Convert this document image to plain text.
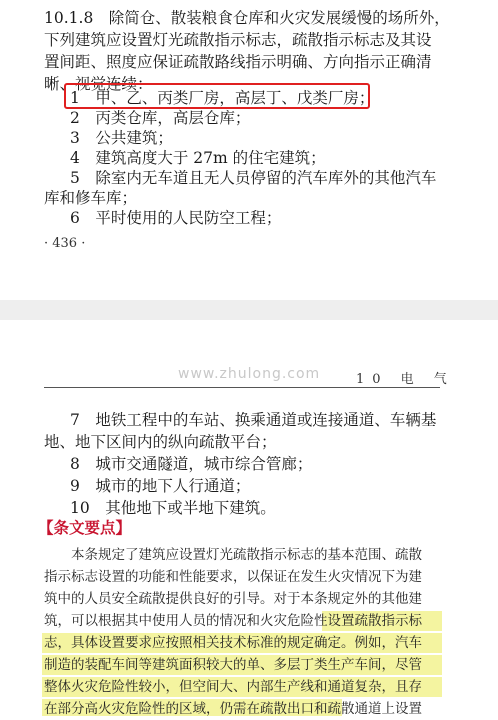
10.1.8　除简仓、散装粮食仓库和火灾发展缓慢的场所外，
下列建筑应设置灯光疏散指示标志，疏散指示标志及其设
置间距、照度应保证疏散路线指示明确、方向指示正确清
晰、视觉连续：
1　甲、乙、丙类厂房，高层丁、戊类厂房；
2　丙类仓库，高层仓库；
3　公共建筑；
4　建筑高度大于 27m 的住宅建筑；
5　除室内无车道且无人员停留的汽车库外的其他汽车
库和修车库；
6　平时使用的人民防空工程；
· 436 ·
www.zhulong.com	10 电 气
7　地铁工程中的车站、换乘通道或连接通道、车辆基
地、地下区间内的纵向疏散平台；
8　城市交通隧道，城市综合管廊；
9　城市的地下人行通道；
10　其他地下或半地下建筑。
【条文要点】
　　本条规定了建筑应设置灯光疏散指示标志的基本范围、疏散
指示标志设置的功能和性能要求，以保证在发生火灾情况下为建
筑中的人员安全疏散提供良好的引导。对于本条规定外的其他建
筑，可以根据其中使用人员的情况和火灾危险性设置疏散指示标
志，具体设置要求应按照相关技术标准的规定确定。例如，汽车
制造的装配车间等建筑面积较大的单、多层丁类生产车间，尽管
整体火灾危险性较小，但空间大、内部生产线和通道复杂，且存
在部分高火灾危险性的区域，仍需在疏散出口和疏散通道上设置
